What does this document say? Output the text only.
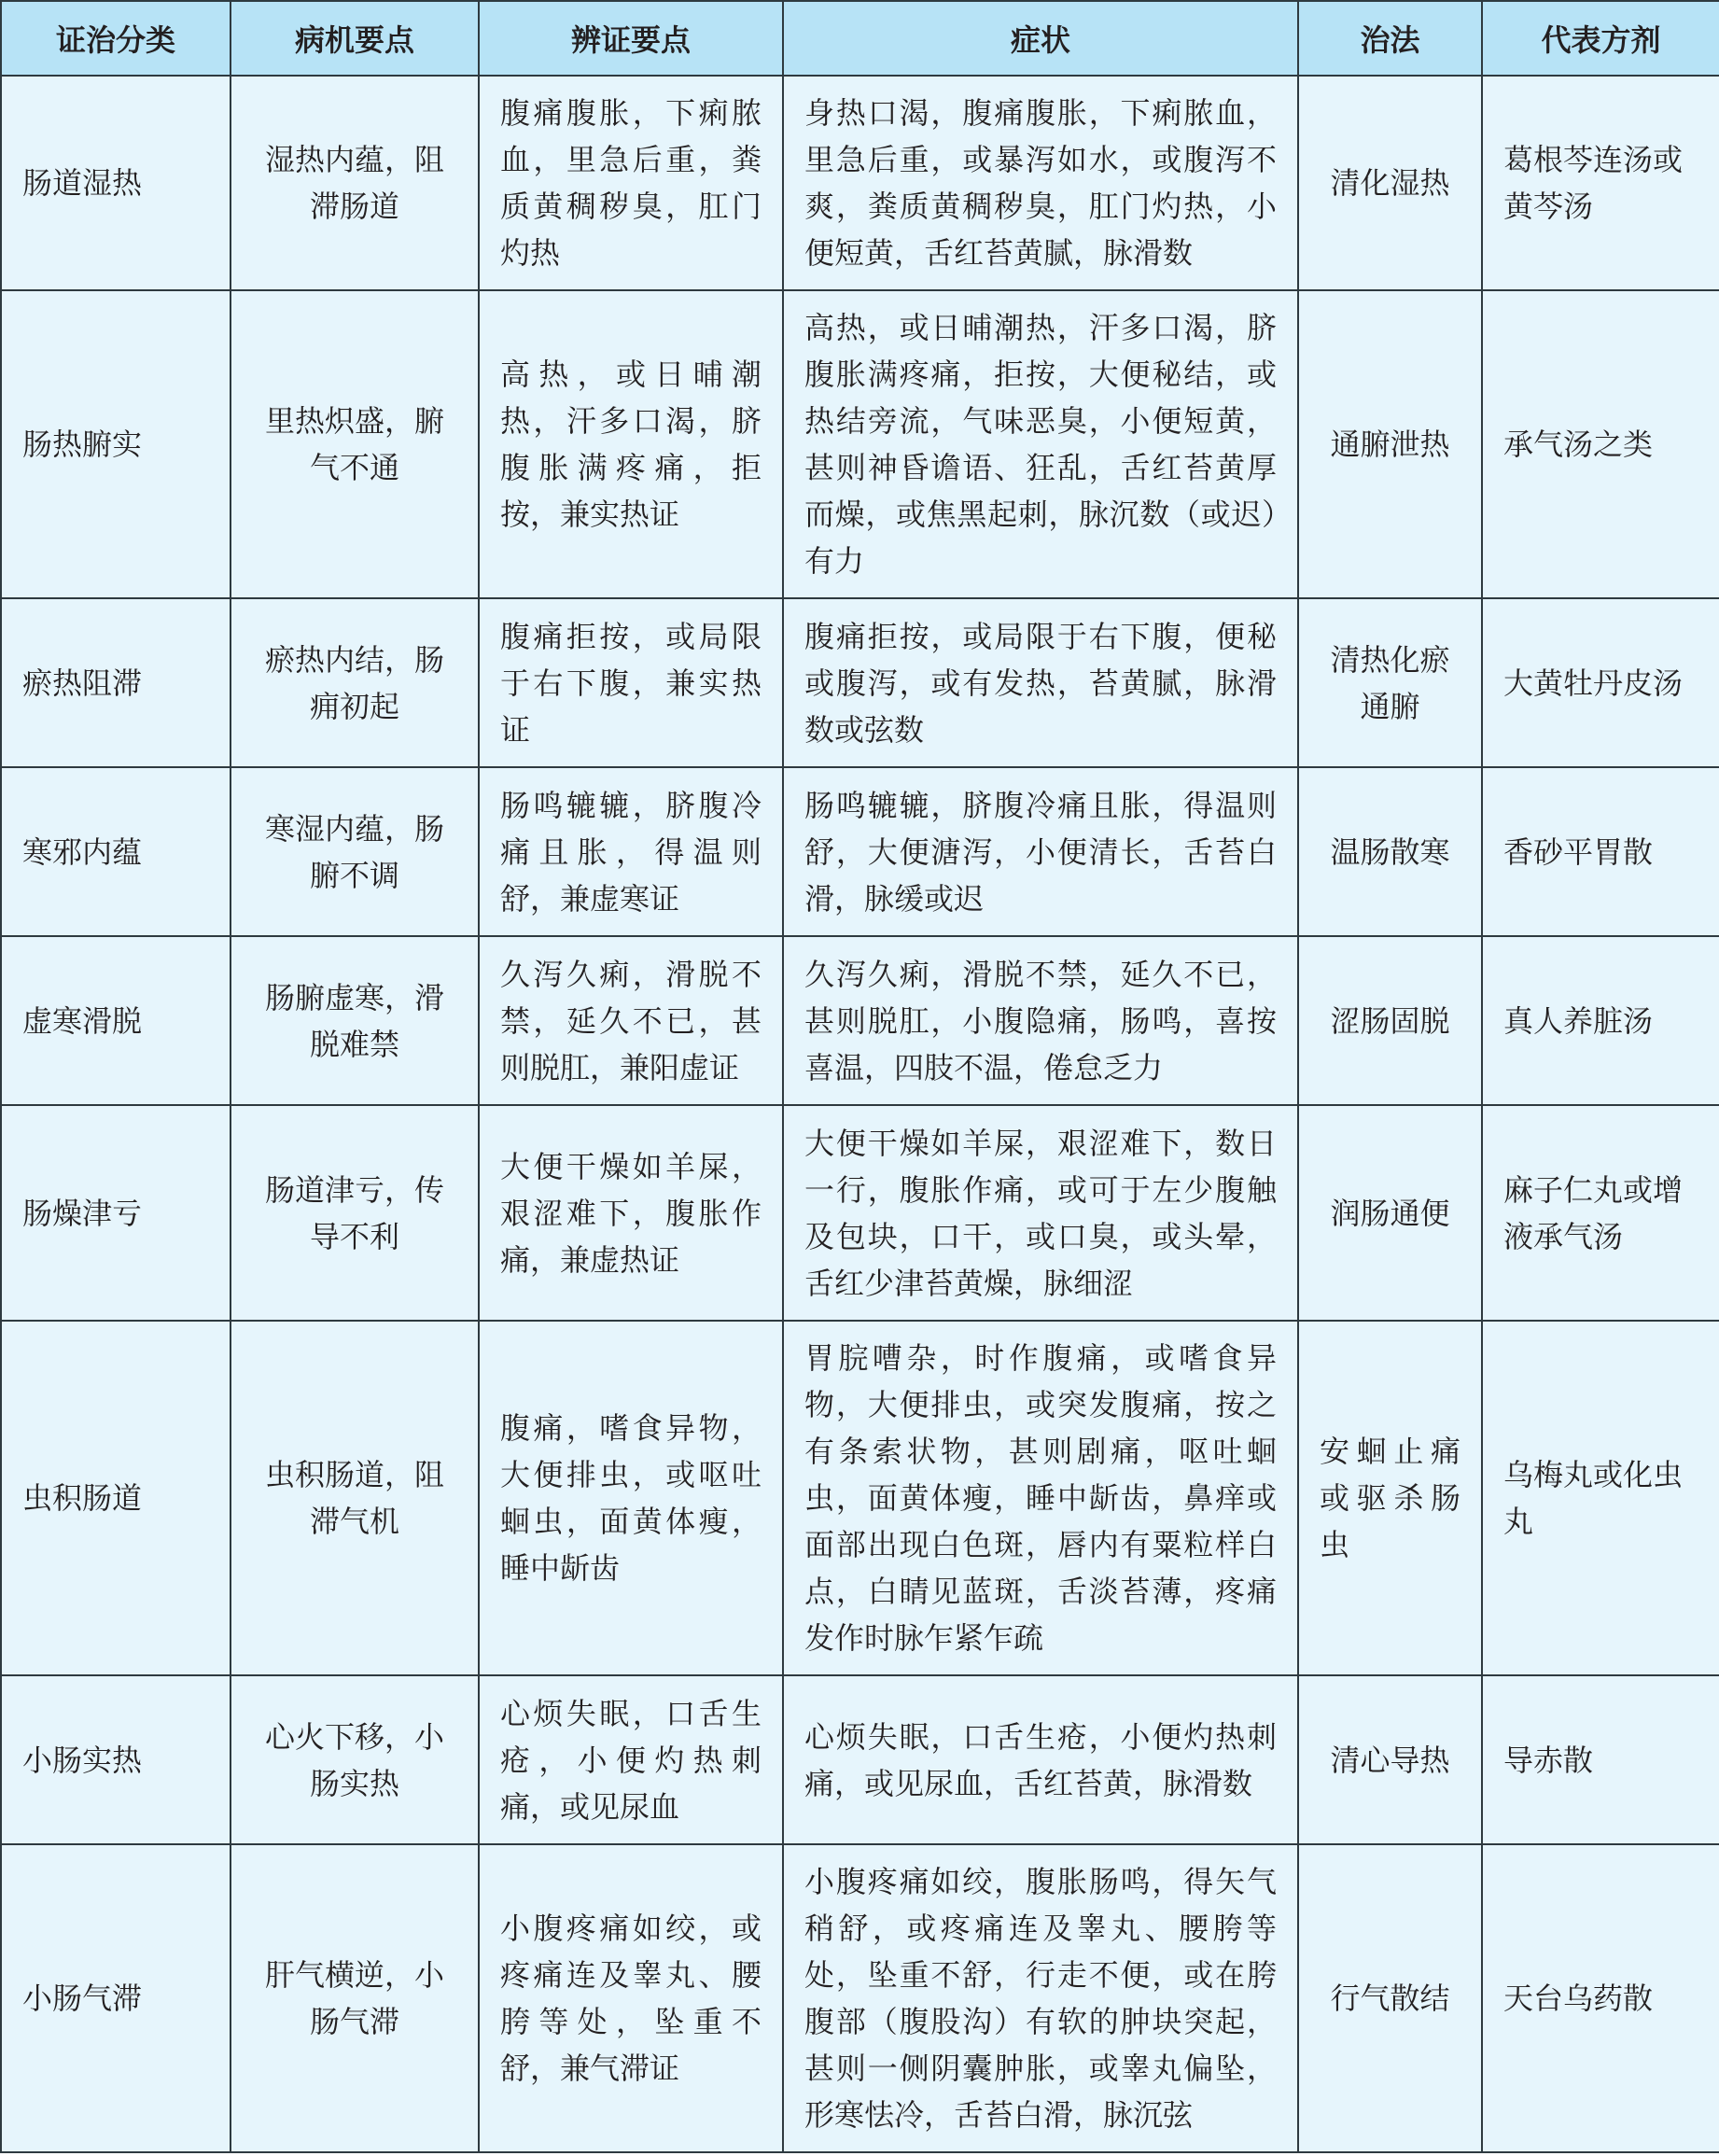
证治分类	病机要点	辨证要点	症状	治法	代表方剂
肠道湿热	湿热内蕴，阻滞肠道	腹痛腹胀，下痢脓血，里急后重，粪质黄稠秽臭，肛门灼热	身热口渴，腹痛腹胀，下痢脓血，里急后重，或暴泻如水，或腹泻不爽，粪质黄稠秽臭，肛门灼热，小便短黄，舌红苔黄腻，脉滑数	清化湿热	葛根芩连汤或黄芩汤
肠热腑实	里热炽盛，腑气不通	高热，或日晡潮热，汗多口渴，脐腹胀满疼痛，拒按，兼实热证	高热，或日晡潮热，汗多口渴，脐腹胀满疼痛，拒按，大便秘结，或热结旁流，气味恶臭，小便短黄，甚则神昏谵语、狂乱，舌红苔黄厚而燥，或焦黑起刺，脉沉数（或迟）有力	通腑泄热	承气汤之类
瘀热阻滞	瘀热内结，肠痈初起	腹痛拒按，或局限于右下腹，兼实热证	腹痛拒按，或局限于右下腹，便秘或腹泻，或有发热，苔黄腻，脉滑数或弦数	清热化瘀通腑	大黄牡丹皮汤
寒邪内蕴	寒湿内蕴，肠腑不调	肠鸣辘辘，脐腹冷痛且胀，得温则舒，兼虚寒证	肠鸣辘辘，脐腹冷痛且胀，得温则舒，大便溏泻，小便清长，舌苔白滑，脉缓或迟	温肠散寒	香砂平胃散
虚寒滑脱	肠腑虚寒，滑脱难禁	久泻久痢，滑脱不禁，延久不已，甚则脱肛，兼阳虚证	久泻久痢，滑脱不禁，延久不已，甚则脱肛，小腹隐痛，肠鸣，喜按喜温，四肢不温，倦怠乏力	涩肠固脱	真人养脏汤
肠燥津亏	肠道津亏，传导不利	大便干燥如羊屎，艰涩难下，腹胀作痛，兼虚热证	大便干燥如羊屎，艰涩难下，数日一行，腹胀作痛，或可于左少腹触及包块，口干，或口臭，或头晕，舌红少津苔黄燥，脉细涩	润肠通便	麻子仁丸或增液承气汤
虫积肠道	虫积肠道，阻滞气机	腹痛，嗜食异物，大便排虫，或呕吐蛔虫，面黄体瘦，睡中龂齿	胃脘嘈杂，时作腹痛，或嗜食异物，大便排虫，或突发腹痛，按之有条索状物，甚则剧痛，呕吐蛔虫，面黄体瘦，睡中龂齿，鼻痒或面部出现白色斑，唇内有粟粒样白点，白睛见蓝斑，舌淡苔薄，疼痛发作时脉乍紧乍疏	安蛔止痛或驱杀肠虫	乌梅丸或化虫丸
小肠实热	心火下移，小肠实热	心烦失眠，口舌生疮，小便灼热刺痛，或见尿血	心烦失眠，口舌生疮，小便灼热刺痛，或见尿血，舌红苔黄，脉滑数	清心导热	导赤散
小肠气滞	肝气横逆，小肠气滞	小腹疼痛如绞，或疼痛连及睾丸、腰胯等处，坠重不舒，兼气滞证	小腹疼痛如绞，腹胀肠鸣，得矢气稍舒，或疼痛连及睾丸、腰胯等处，坠重不舒，行走不便，或在胯腹部（腹股沟）有软的肿块突起，甚则一侧阴囊肿胀，或睾丸偏坠，形寒怯冷，舌苔白滑，脉沉弦	行气散结	天台乌药散
